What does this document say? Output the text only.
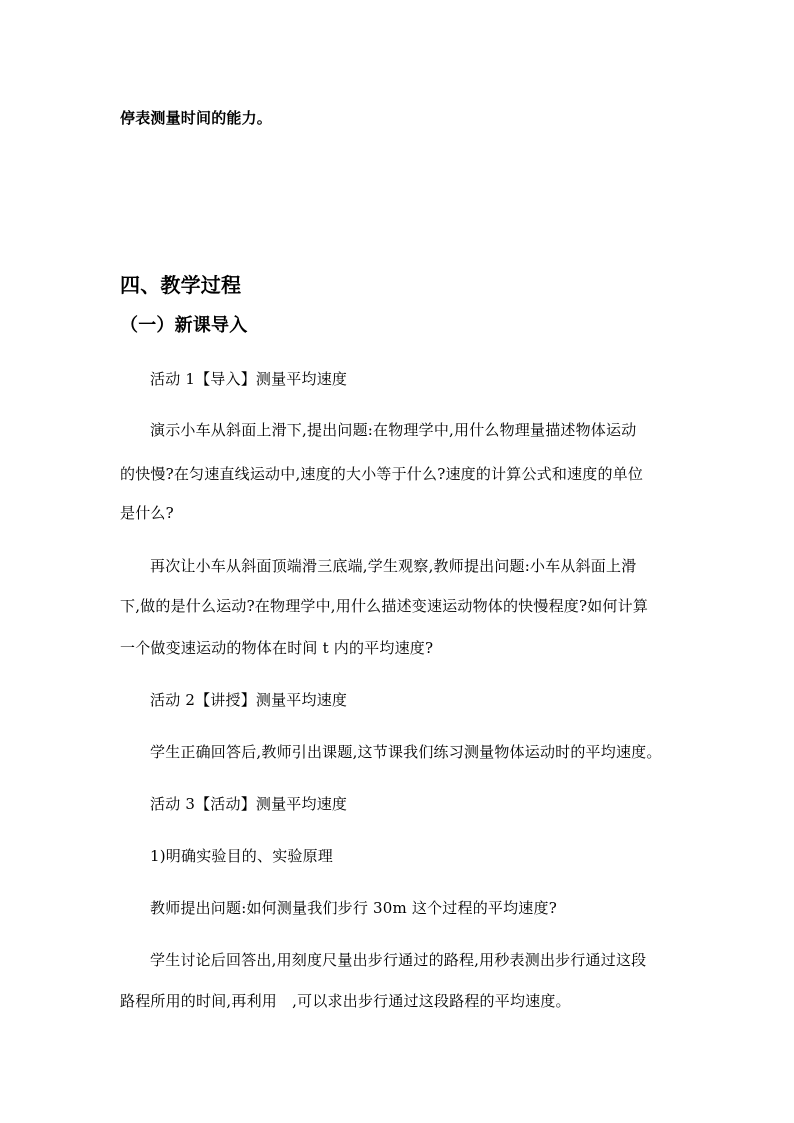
停表测量时间的能力。
四、教学过程
（一）新课导入
活动 1【导入】测量平均速度
演示小车从斜面上滑下,提出问题:在物理学中,用什么物理量描述物体运动
的快慢?在匀速直线运动中,速度的大小等于什么?速度的计算公式和速度的单位
是什么?
再次让小车从斜面顶端滑三底端,学生观察,教师提出问题:小车从斜面上滑
下,做的是什么运动?在物理学中,用什么描述变速运动物体的快慢程度?如何计算
一个做变速运动的物体在时间 t 内的平均速度?
活动 2【讲授】测量平均速度
学生正确回答后,教师引出课题,这节课我们练习测量物体运动时的平均速度。
活动 3【活动】测量平均速度
1)明确实验目的、实验原理
教师提出问题:如何测量我们步行 30m 这个过程的平均速度?
学生讨论后回答出,用刻度尺量出步行通过的路程,用秒表测出步行通过这段
路程所用的时间,再利用　,可以求出步行通过这段路程的平均速度。
